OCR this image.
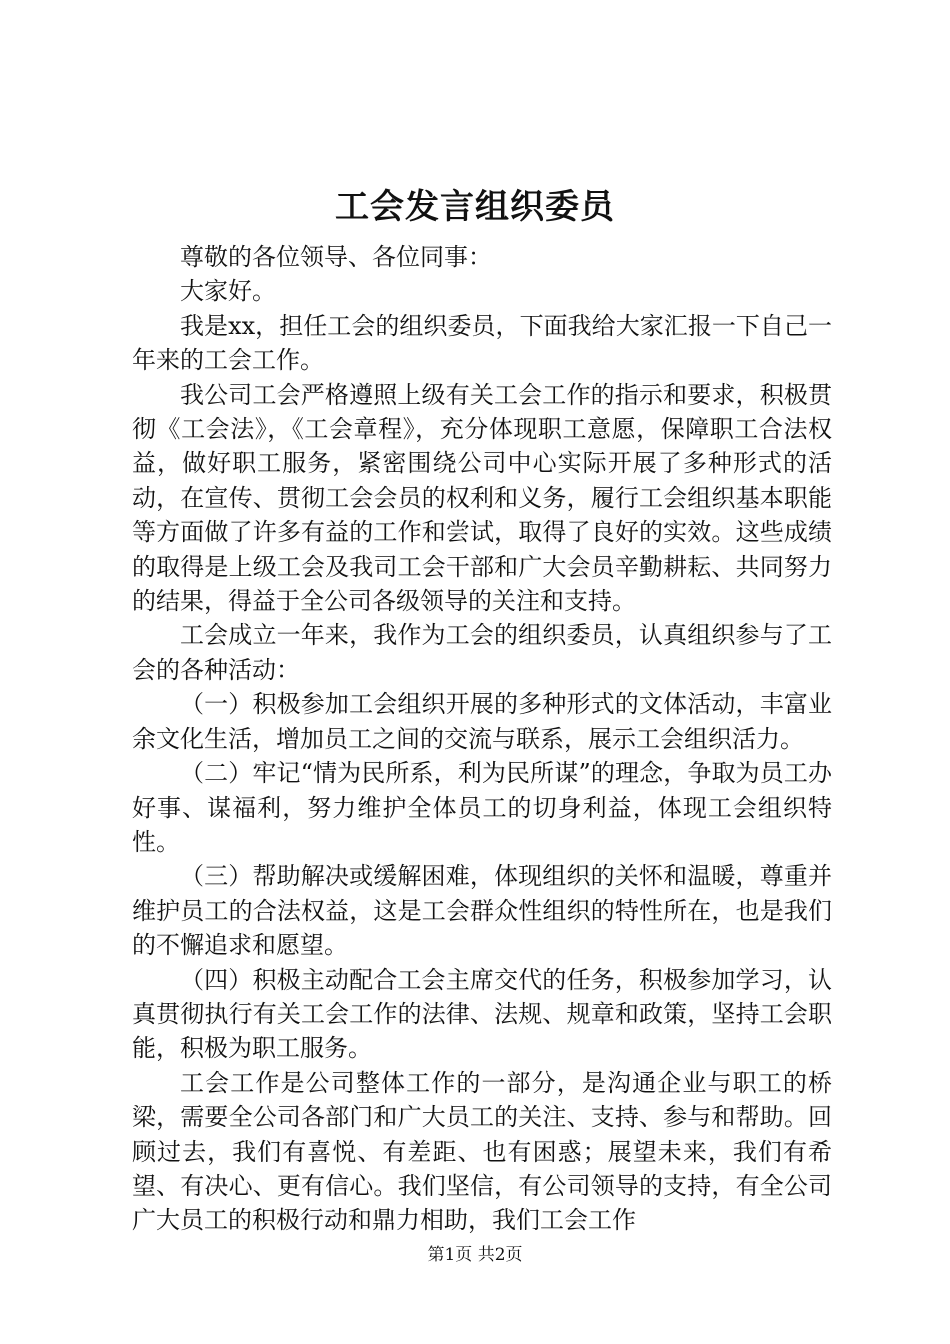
工会发言组织委员

尊敬的各位领导、各位同事：

大家好。

我是xx，担任工会的组织委员，下面我给大家汇报一下自己一年来的工会工作。

我公司工会严格遵照上级有关工会工作的指示和要求，积极贯彻《工会法》，《工会章程》，充分体现职工意愿，保障职工合法权益，做好职工服务，紧密围绕公司中心实际开展了多种形式的活动，在宣传、贯彻工会会员的权利和义务，履行工会组织基本职能等方面做了许多有益的工作和尝试，取得了良好的实效。这些成绩的取得是上级工会及我司工会干部和广大会员辛勤耕耘、共同努力的结果，得益于全公司各级领导的关注和支持。

工会成立一年来，我作为工会的组织委员，认真组织参与了工会的各种活动：

（一）积极参加工会组织开展的多种形式的文体活动，丰富业余文化生活，增加员工之间的交流与联系，展示工会组织活力。

（二）牢记“情为民所系，利为民所谋”的理念，争取为员工办好事、谋福利，努力维护全体员工的切身利益，体现工会组织特性。

（三）帮助解决或缓解困难，体现组织的关怀和温暖，尊重并维护员工的合法权益，这是工会群众性组织的特性所在，也是我们的不懈追求和愿望。

（四）积极主动配合工会主席交代的任务，积极参加学习，认真贯彻执行有关工会工作的法律、法规、规章和政策，坚持工会职能，积极为职工服务。

工会工作是公司整体工作的一部分，是沟通企业与职工的桥梁，需要全公司各部门和广大员工的关注、支持、参与和帮助。回顾过去，我们有喜悦、有差距、也有困惑；展望未来，我们有希望、有决心、更有信心。我们坚信，有公司领导的支持，有全公司广大员工的积极行动和鼎力相助，我们工会工作

第1页 共2页
